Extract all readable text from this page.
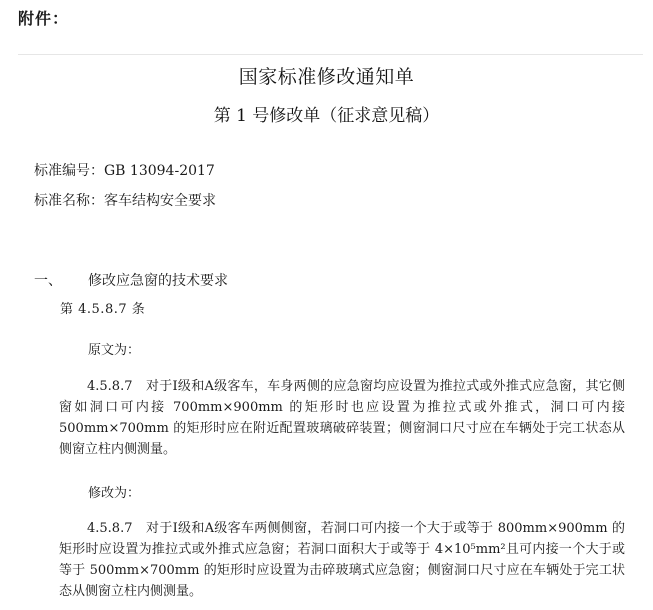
附件：
国家标准修改通知单
第 1 号修改单（征求意见稿）
标准编号：GB 13094-2017
标准名称：客车结构安全要求
一、 修改应急窗的技术要求
第 4.5.8.7 条
原文为：
4.5.8.7　对于Ⅰ级和A级客车，车身两侧的应急窗均应设置为推拉式或外推式应急窗，其它侧窗如洞口可内接 700mm×900mm 的矩形时也应设置为推拉式或外推式，洞口可内接 500mm×700mm 的矩形时应在附近配置玻璃破碎装置；侧窗洞口尺寸应在车辆处于完工状态从侧窗立柱内侧测量。
修改为：
4.5.8.7　对于Ⅰ级和A级客车两侧侧窗，若洞口可内接一个大于或等于 800mm×900mm 的矩形时应设置为推拉式或外推式应急窗；若洞口面积大于或等于 4×10⁵mm²且可内接一个大于或等于 500mm×700mm 的矩形时应设置为击碎玻璃式应急窗；侧窗洞口尺寸应在车辆处于完工状态从侧窗立柱内侧测量。
